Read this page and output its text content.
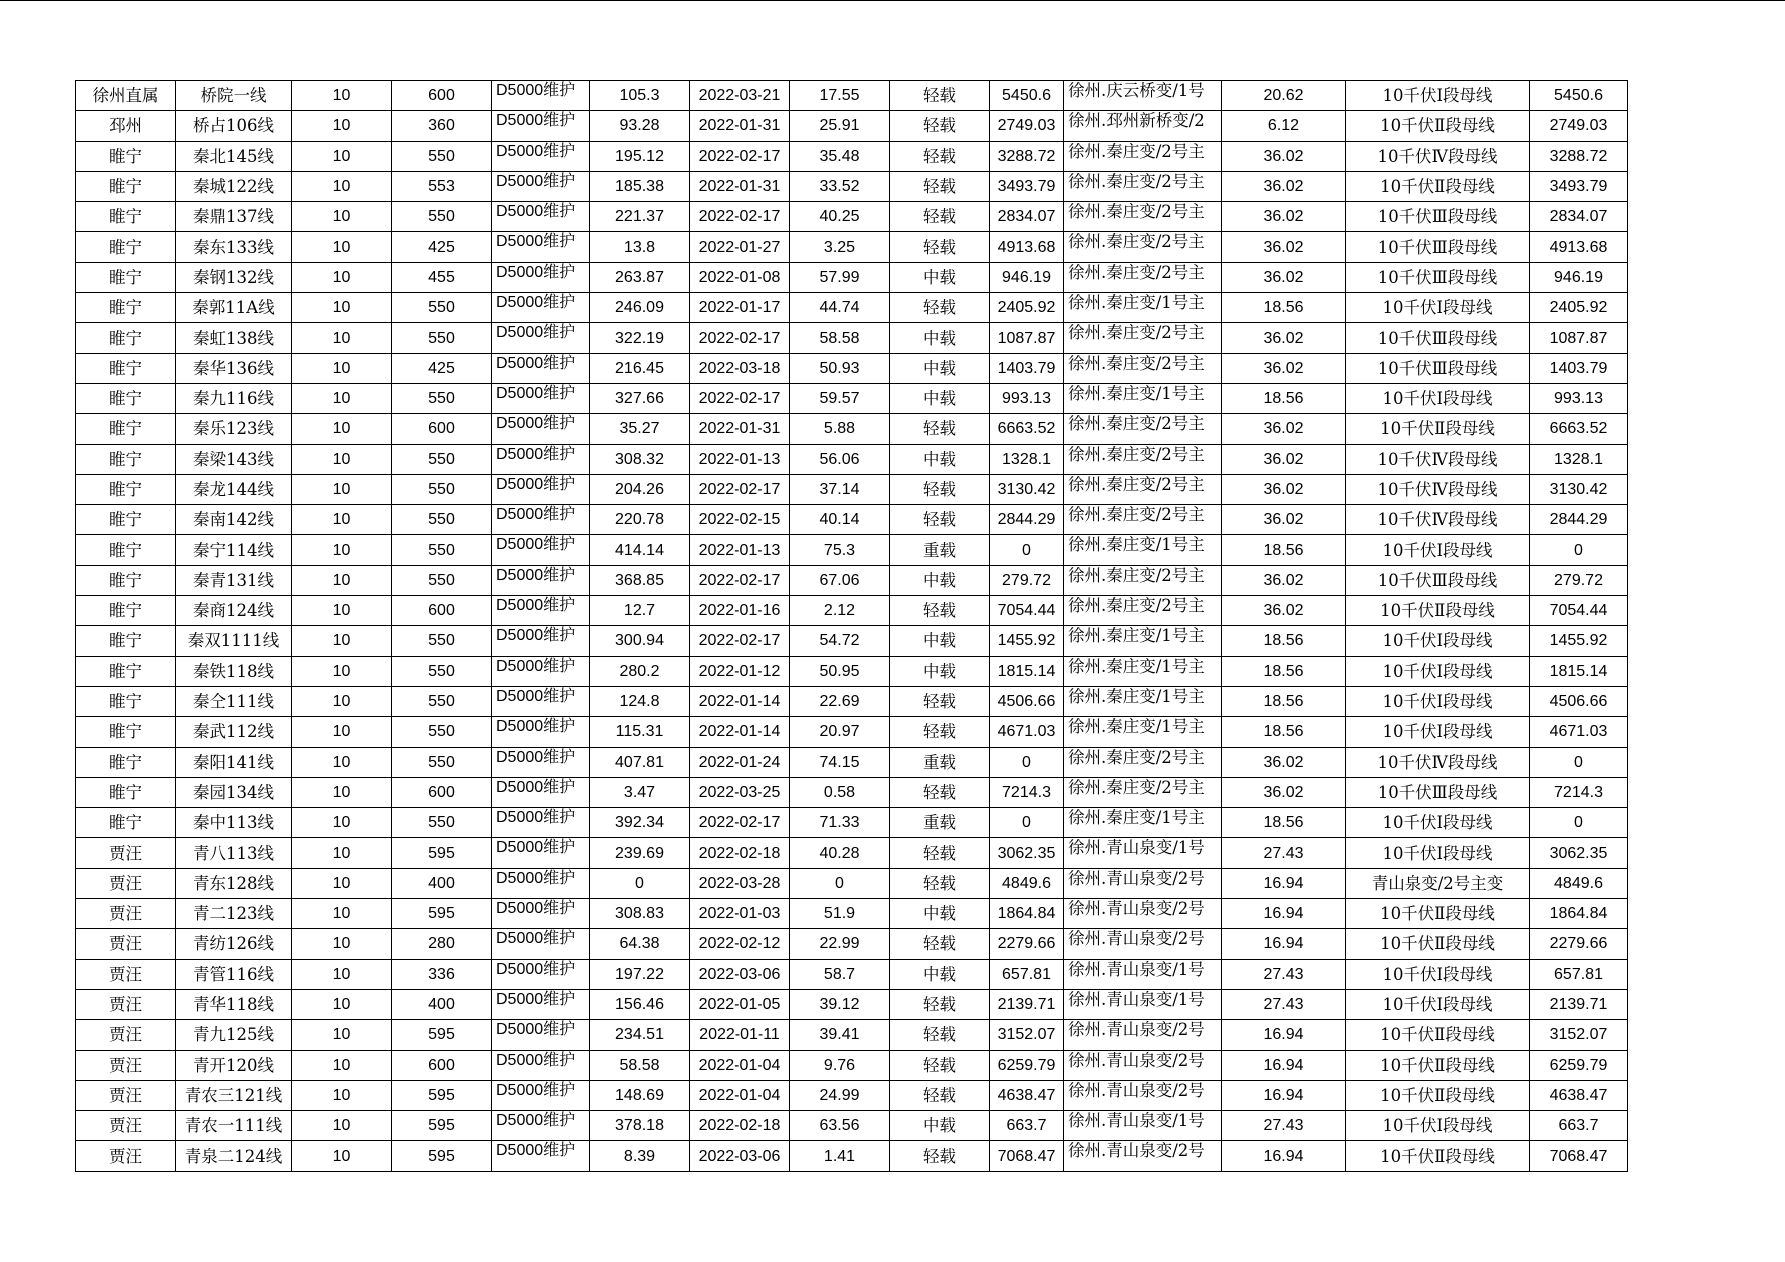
徐州直属	桥院一线	10	600	D5000维护	105.3	2022-03-21	17.55	轻载	5450.6	徐州.庆云桥变/1号	20.62	10千伏Ⅰ段母线	5450.6
邳州	桥占106线	10	360	D5000维护	93.28	2022-01-31	25.91	轻载	2749.03	徐州.邳州新桥变/2	6.12	10千伏Ⅱ段母线	2749.03
睢宁	秦北145线	10	550	D5000维护	195.12	2022-02-17	35.48	轻载	3288.72	徐州.秦庄变/2号主	36.02	10千伏Ⅳ段母线	3288.72
睢宁	秦城122线	10	553	D5000维护	185.38	2022-01-31	33.52	轻载	3493.79	徐州.秦庄变/2号主	36.02	10千伏Ⅱ段母线	3493.79
睢宁	秦鼎137线	10	550	D5000维护	221.37	2022-02-17	40.25	轻载	2834.07	徐州.秦庄变/2号主	36.02	10千伏Ⅲ段母线	2834.07
睢宁	秦东133线	10	425	D5000维护	13.8	2022-01-27	3.25	轻载	4913.68	徐州.秦庄变/2号主	36.02	10千伏Ⅲ段母线	4913.68
睢宁	秦钢132线	10	455	D5000维护	263.87	2022-01-08	57.99	中载	946.19	徐州.秦庄变/2号主	36.02	10千伏Ⅲ段母线	946.19
睢宁	秦郭11A线	10	550	D5000维护	246.09	2022-01-17	44.74	轻载	2405.92	徐州.秦庄变/1号主	18.56	10千伏Ⅰ段母线	2405.92
睢宁	秦虹138线	10	550	D5000维护	322.19	2022-02-17	58.58	中载	1087.87	徐州.秦庄变/2号主	36.02	10千伏Ⅲ段母线	1087.87
睢宁	秦华136线	10	425	D5000维护	216.45	2022-03-18	50.93	中载	1403.79	徐州.秦庄变/2号主	36.02	10千伏Ⅲ段母线	1403.79
睢宁	秦九116线	10	550	D5000维护	327.66	2022-02-17	59.57	中载	993.13	徐州.秦庄变/1号主	18.56	10千伏Ⅰ段母线	993.13
睢宁	秦乐123线	10	600	D5000维护	35.27	2022-01-31	5.88	轻载	6663.52	徐州.秦庄变/2号主	36.02	10千伏Ⅱ段母线	6663.52
睢宁	秦梁143线	10	550	D5000维护	308.32	2022-01-13	56.06	中载	1328.1	徐州.秦庄变/2号主	36.02	10千伏Ⅳ段母线	1328.1
睢宁	秦龙144线	10	550	D5000维护	204.26	2022-02-17	37.14	轻载	3130.42	徐州.秦庄变/2号主	36.02	10千伏Ⅳ段母线	3130.42
睢宁	秦南142线	10	550	D5000维护	220.78	2022-02-15	40.14	轻载	2844.29	徐州.秦庄变/2号主	36.02	10千伏Ⅳ段母线	2844.29
睢宁	秦宁114线	10	550	D5000维护	414.14	2022-01-13	75.3	重载	0	徐州.秦庄变/1号主	18.56	10千伏Ⅰ段母线	0
睢宁	秦青131线	10	550	D5000维护	368.85	2022-02-17	67.06	中载	279.72	徐州.秦庄变/2号主	36.02	10千伏Ⅲ段母线	279.72
睢宁	秦商124线	10	600	D5000维护	12.7	2022-01-16	2.12	轻载	7054.44	徐州.秦庄变/2号主	36.02	10千伏Ⅱ段母线	7054.44
睢宁	秦双1111线	10	550	D5000维护	300.94	2022-02-17	54.72	中载	1455.92	徐州.秦庄变/1号主	18.56	10千伏Ⅰ段母线	1455.92
睢宁	秦铁118线	10	550	D5000维护	280.2	2022-01-12	50.95	中载	1815.14	徐州.秦庄变/1号主	18.56	10千伏Ⅰ段母线	1815.14
睢宁	秦仝111线	10	550	D5000维护	124.8	2022-01-14	22.69	轻载	4506.66	徐州.秦庄变/1号主	18.56	10千伏Ⅰ段母线	4506.66
睢宁	秦武112线	10	550	D5000维护	115.31	2022-01-14	20.97	轻载	4671.03	徐州.秦庄变/1号主	18.56	10千伏Ⅰ段母线	4671.03
睢宁	秦阳141线	10	550	D5000维护	407.81	2022-01-24	74.15	重载	0	徐州.秦庄变/2号主	36.02	10千伏Ⅳ段母线	0
睢宁	秦园134线	10	600	D5000维护	3.47	2022-03-25	0.58	轻载	7214.3	徐州.秦庄变/2号主	36.02	10千伏Ⅲ段母线	7214.3
睢宁	秦中113线	10	550	D5000维护	392.34	2022-02-17	71.33	重载	0	徐州.秦庄变/1号主	18.56	10千伏Ⅰ段母线	0
贾汪	青八113线	10	595	D5000维护	239.69	2022-02-18	40.28	轻载	3062.35	徐州.青山泉变/1号	27.43	10千伏Ⅰ段母线	3062.35
贾汪	青东128线	10	400	D5000维护	0	2022-03-28	0	轻载	4849.6	徐州.青山泉变/2号	16.94	青山泉变/2号主变	4849.6
贾汪	青二123线	10	595	D5000维护	308.83	2022-01-03	51.9	中载	1864.84	徐州.青山泉变/2号	16.94	10千伏Ⅱ段母线	1864.84
贾汪	青纺126线	10	280	D5000维护	64.38	2022-02-12	22.99	轻载	2279.66	徐州.青山泉变/2号	16.94	10千伏Ⅱ段母线	2279.66
贾汪	青管116线	10	336	D5000维护	197.22	2022-03-06	58.7	中载	657.81	徐州.青山泉变/1号	27.43	10千伏Ⅰ段母线	657.81
贾汪	青华118线	10	400	D5000维护	156.46	2022-01-05	39.12	轻载	2139.71	徐州.青山泉变/1号	27.43	10千伏Ⅰ段母线	2139.71
贾汪	青九125线	10	595	D5000维护	234.51	2022-01-11	39.41	轻载	3152.07	徐州.青山泉变/2号	16.94	10千伏Ⅱ段母线	3152.07
贾汪	青开120线	10	600	D5000维护	58.58	2022-01-04	9.76	轻载	6259.79	徐州.青山泉变/2号	16.94	10千伏Ⅱ段母线	6259.79
贾汪	青农三121线	10	595	D5000维护	148.69	2022-01-04	24.99	轻载	4638.47	徐州.青山泉变/2号	16.94	10千伏Ⅱ段母线	4638.47
贾汪	青农一111线	10	595	D5000维护	378.18	2022-02-18	63.56	中载	663.7	徐州.青山泉变/1号	27.43	10千伏Ⅰ段母线	663.7
贾汪	青泉二124线	10	595	D5000维护	8.39	2022-03-06	1.41	轻载	7068.47	徐州.青山泉变/2号	16.94	10千伏Ⅱ段母线	7068.47
